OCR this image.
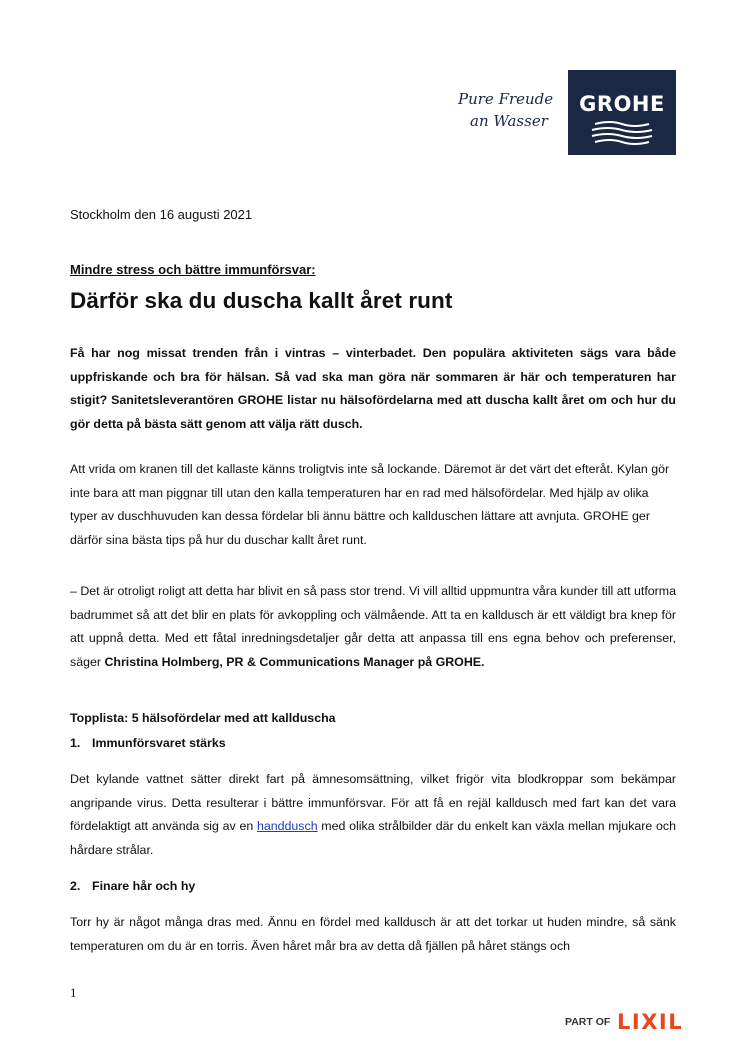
Pure Freude
an Wasser
GROHE
Stockholm den 16 augusti 2021
Mindre stress och bättre immunförsvar:
Därför ska du duscha kallt året runt

Få har nog missat trenden från i vintras – vinterbadet. Den populära aktiviteten sägs vara både uppfriskande och bra för hälsan. Så vad ska man göra när sommaren är här och temperaturen har stigit? Sanitetsleverantören GROHE listar nu hälsofördelarna med att duscha kallt året om och hur du gör detta på bästa sätt genom att välja rätt dusch.

Att vrida om kranen till det kallaste känns troligtvis inte så lockande. Däremot är det värt det efteråt. Kylan gör inte bara att man piggnar till utan den kalla temperaturen har en rad med hälsofördelar. Med hjälp av olika typer av duschhuvuden kan dessa fördelar bli ännu bättre och kallduschen lättare att avnjuta. GROHE ger därför sina bästa tips på hur du duschar kallt året runt.

– Det är otroligt roligt att detta har blivit en så pass stor trend. Vi vill alltid uppmuntra våra kunder till att utforma badrummet så att det blir en plats för avkoppling och välmående. Att ta en kalldusch är ett väldigt bra knep för att uppnå detta. Med ett fåtal inredningsdetaljer går detta att anpassa till ens egna behov och preferenser, säger Christina Holmberg, PR & Communications Manager på GROHE.

Topplista: 5 hälsofördelar med att kallduscha
1. Immunförsvaret stärks

Det kylande vattnet sätter direkt fart på ämnesomsättning, vilket frigör vita blodkroppar som bekämpar angripande virus. Detta resulterar i bättre immunförsvar. För att få en rejäl kalldusch med fart kan det vara fördelaktigt att använda sig av en handdusch med olika strålbilder där du enkelt kan växla mellan mjukare och hårdare strålar.

2. Finare hår och hy

Torr hy är något många dras med. Ännu en fördel med kalldusch är att det torkar ut huden mindre, så sänk temperaturen om du är en torris. Även håret mår bra av detta då fjällen på håret stängs och

1
PART OF LIXIL
